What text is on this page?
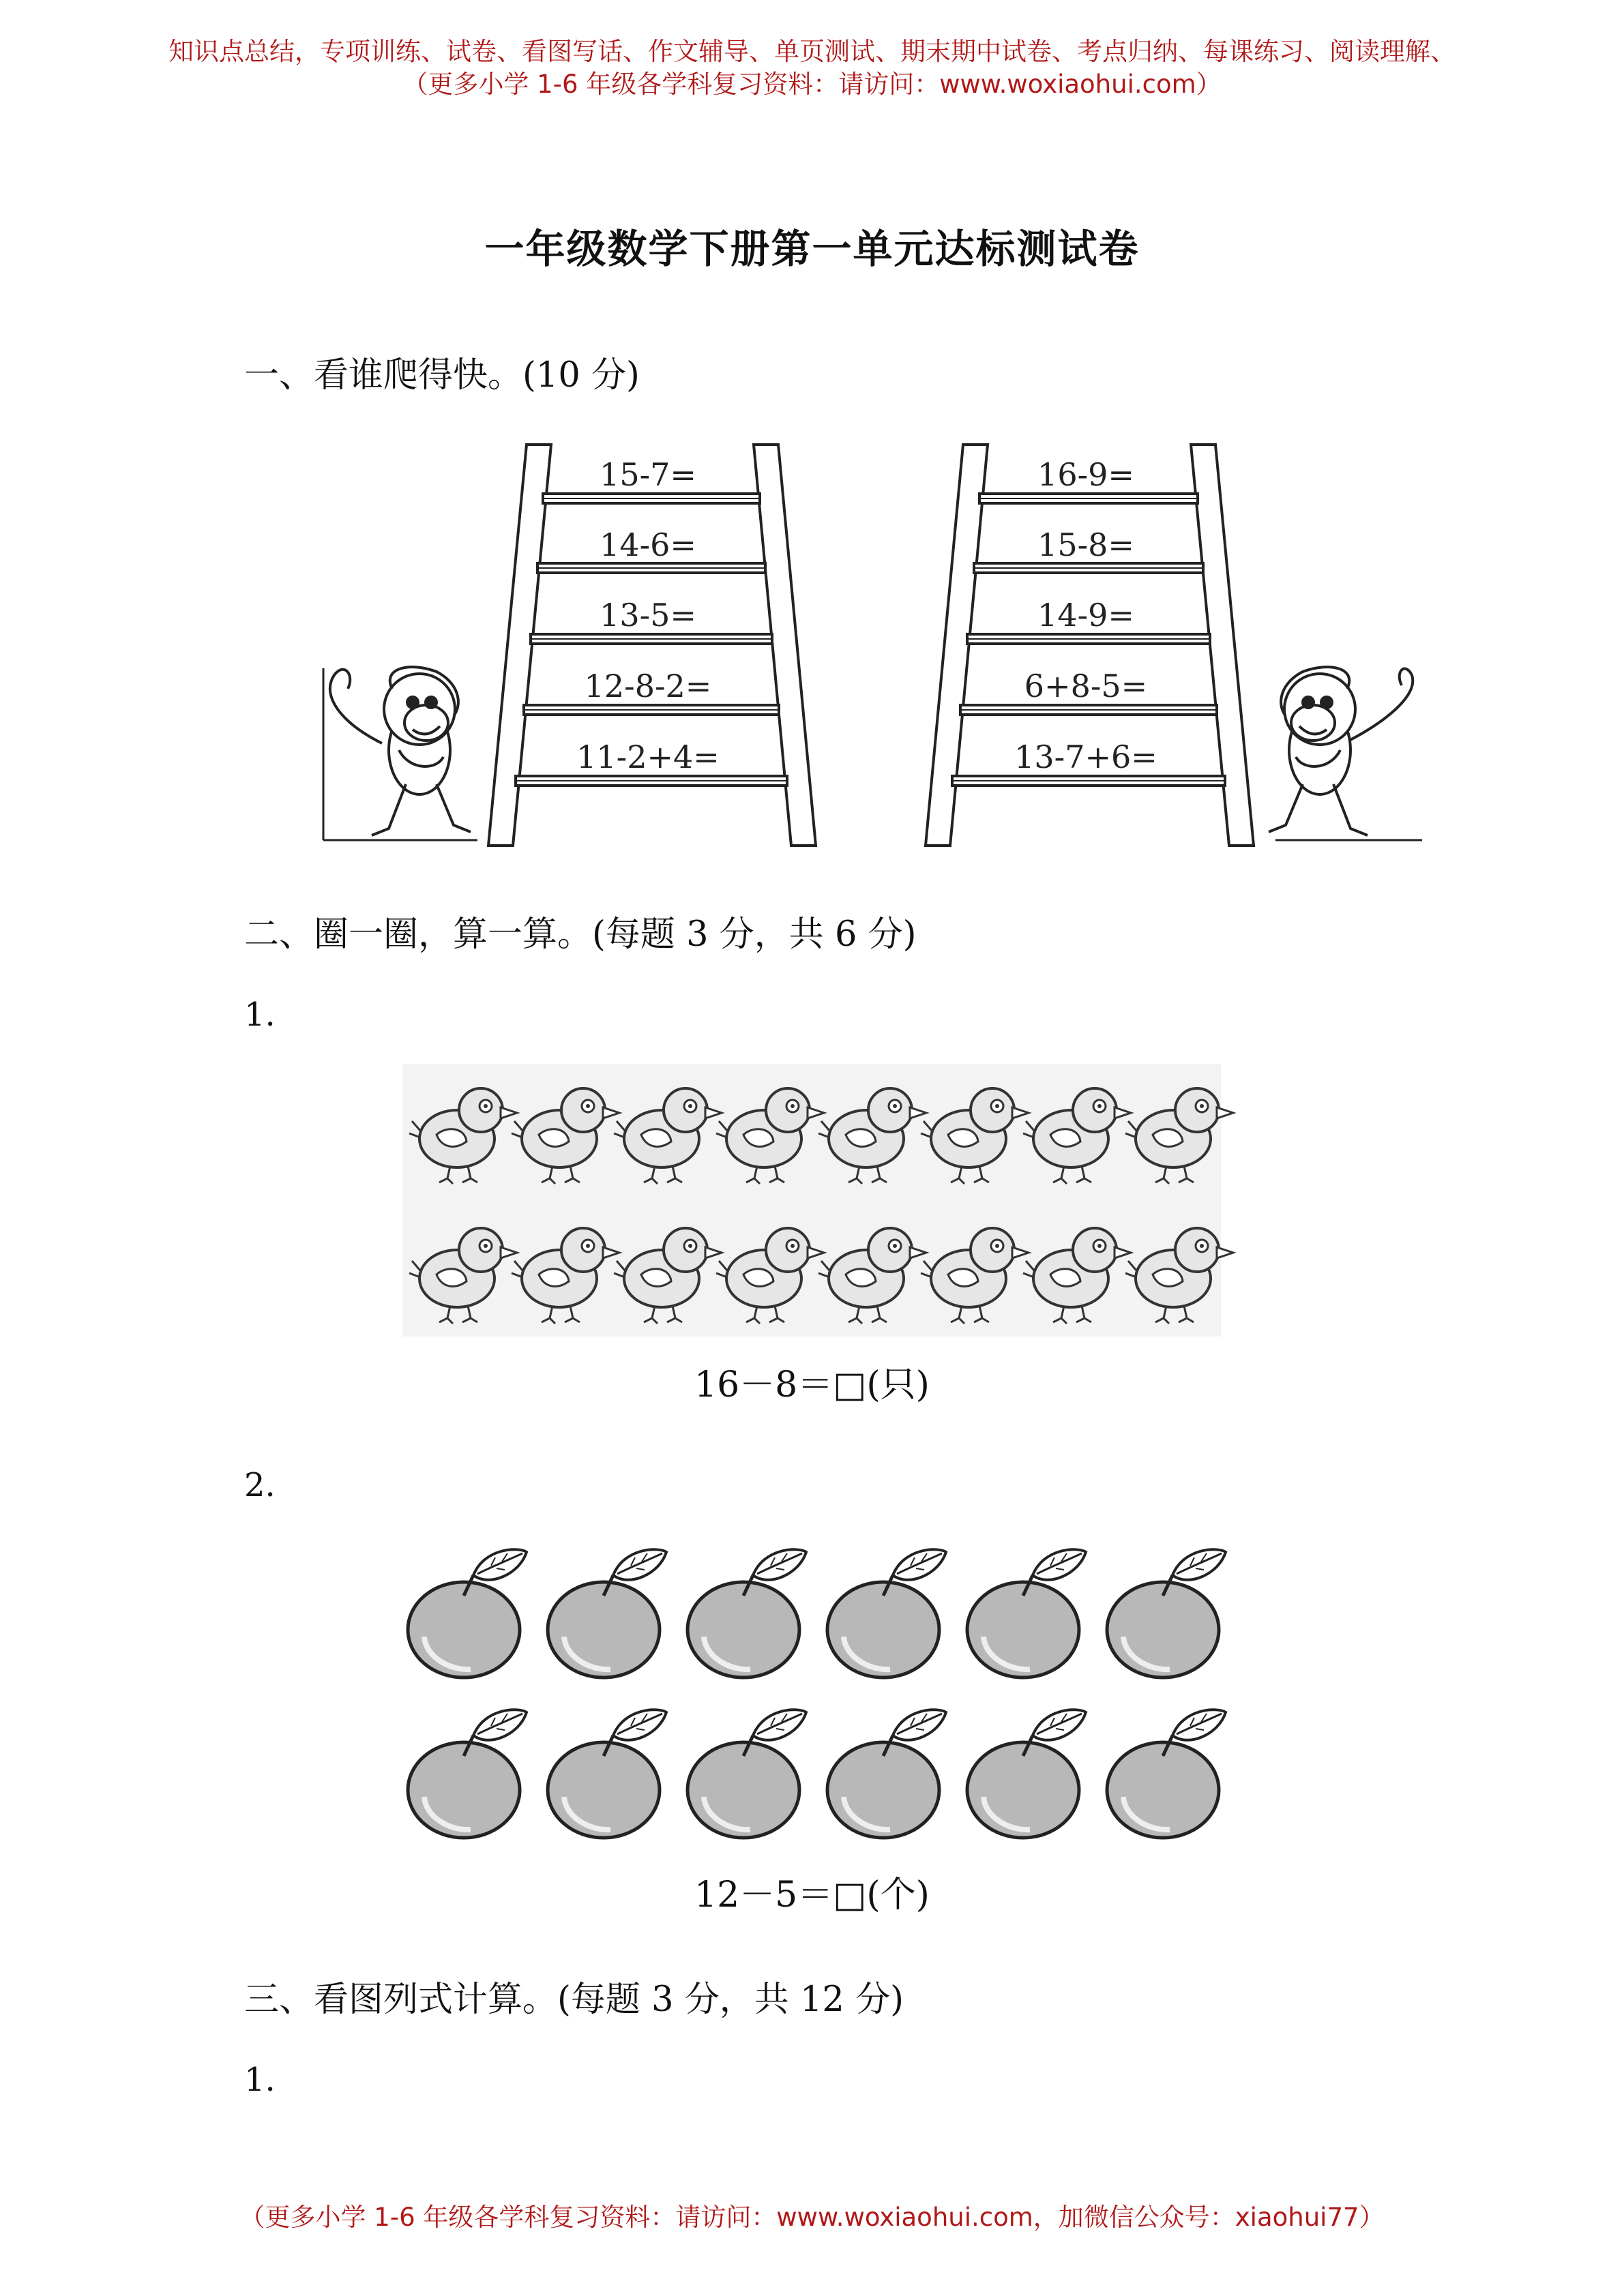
知识点总结，专项训练、试卷、看图写话、作文辅导、单页测试、期末期中试卷、考点归纳、每课练习、阅读理解、
（更多小学 1-6 年级各学科复习资料：请访问：www.woxiaohui.com）
一年级数学下册第一单元达标测试卷
一、看谁爬得快。(10 分)
15-7=
14-6=
13-5=
12-8-2=
11-2+4=
16-9=
15-8=
14-9=
6+8-5=
13-7+6=
二、圈一圈，算一算。(每题 3 分，共 6 分)
1.
16－8＝□(只)
2.
12－5＝□(个)
三、看图列式计算。(每题 3 分，共 12 分)
1.
（更多小学 1-6 年级各学科复习资料：请访问：www.woxiaohui.com，加微信公众号：xiaohui77）
